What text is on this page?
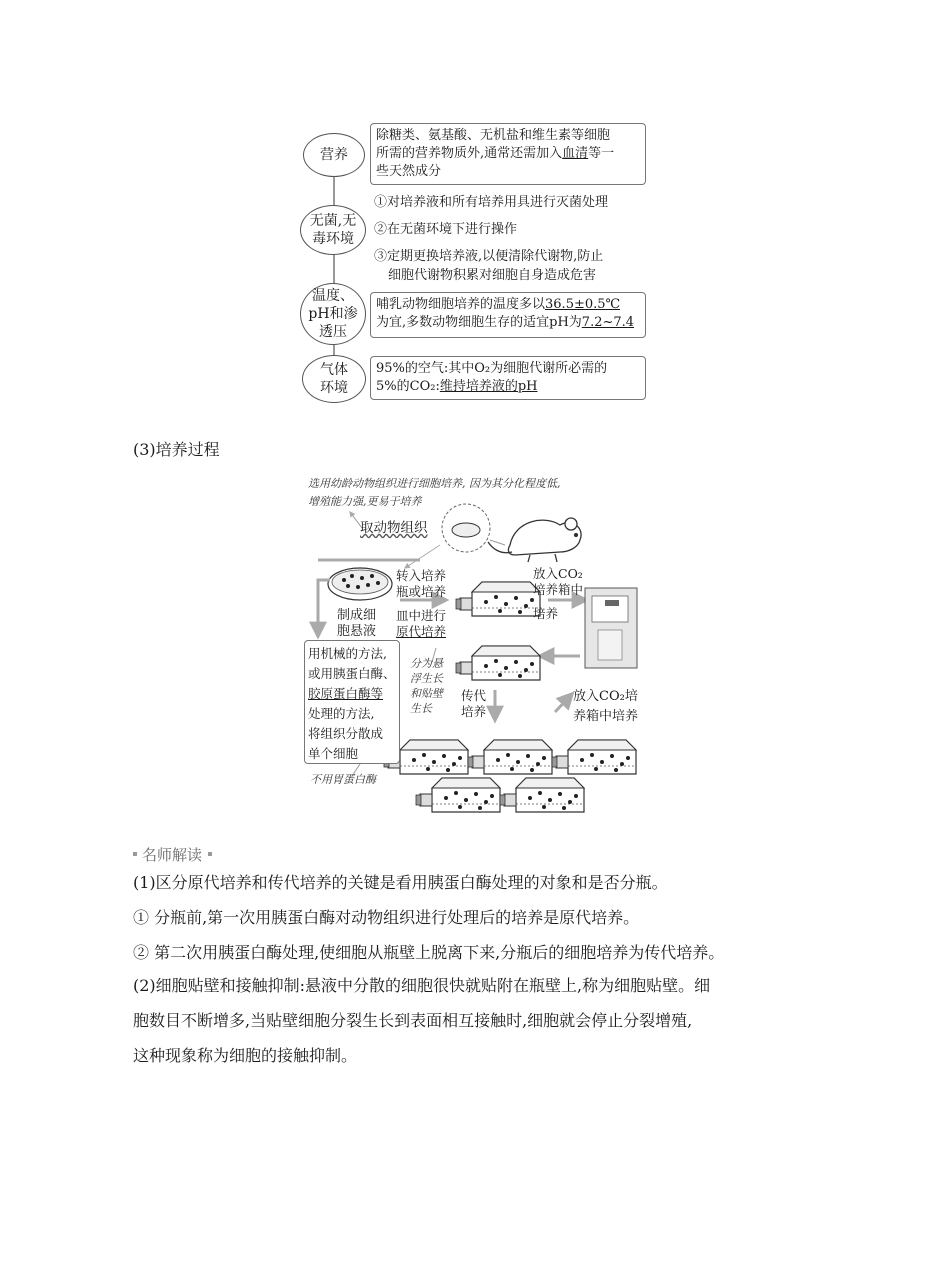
营养
除糖类、氨基酸、无机盐和维生素等细胞
所需的营养物质外,通常还需加入血清等一
些天然成分
无菌,无
毒环境
①对培养液和所有培养用具进行灭菌处理
②在无菌环境下进行操作
③定期更换培养液,以便清除代谢物,防止
细胞代谢物积累对细胞自身造成危害
温度、
pH和渗
透压
哺乳动物细胞培养的温度多以36.5±0.5℃
为宜,多数动物细胞生存的适宜pH为7.2~7.4
气体
环境
95%的空气:其中O₂为细胞代谢所必需的
5%的CO₂:维持培养液的pH
(3)培养过程
选用幼龄动物组织进行细胞培养, 因为其分化程度低,
增殖能力强,更易于培养
取动物组织
制成细
胞悬液
转入培养
瓶或培养
皿中进行
原代培养
放入CO₂
培养箱中
培养
分为悬
浮生长
和贴壁
生长
传代
培养
放入CO₂培
养箱中培养
用机械的方法,
或用胰蛋白酶、
胶原蛋白酶等
处理的方法,
将组织分散成
单个细胞
不用胃蛋白酶
名师解读
(1)区分原代培养和传代培养的关键是看用胰蛋白酶处理的对象和是否分瓶。
① 分瓶前,第一次用胰蛋白酶对动物组织进行处理后的培养是原代培养。
② 第二次用胰蛋白酶处理,使细胞从瓶壁上脱离下来,分瓶后的细胞培养为传代培养。
(2)细胞贴壁和接触抑制:悬液中分散的细胞很快就贴附在瓶壁上,称为细胞贴壁。细
胞数目不断增多,当贴壁细胞分裂生长到表面相互接触时,细胞就会停止分裂增殖,
这种现象称为细胞的接触抑制。
